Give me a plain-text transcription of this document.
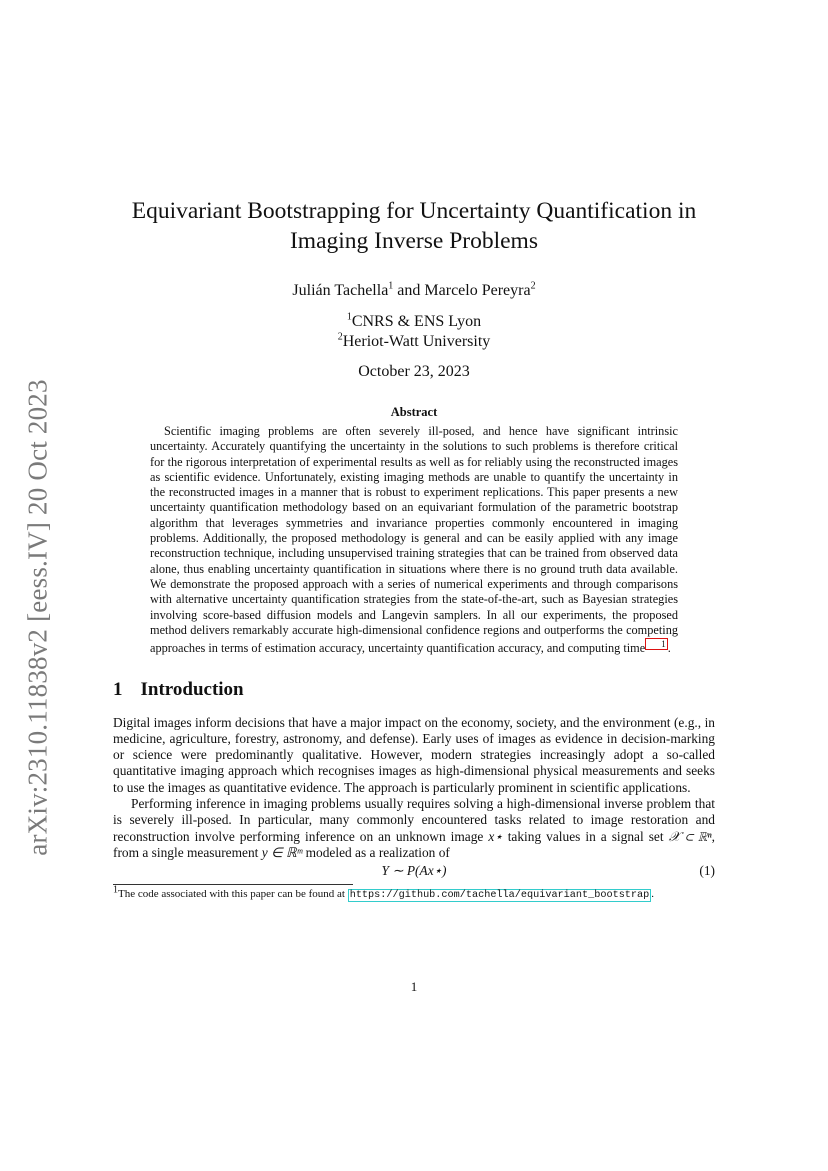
arXiv:2310.11838v2 [eess.IV] 20 Oct 2023
Equivariant Bootstrapping for Uncertainty Quantification in Imaging Inverse Problems
Julián Tachella$^1$ and Marcelo Pereyra$^2$
$^1$CNRS & ENS Lyon
$^2$Heriot-Watt University
October 23, 2023
Abstract
Scientific imaging problems are often severely ill-posed, and hence have significant intrinsic uncertainty. Accurately quantifying the uncertainty in the solutions to such problems is therefore critical for the rigorous interpretation of experimental results as well as for reliably using the reconstructed images as scientific evidence. Unfortunately, existing imaging methods are unable to quantify the uncertainty in the reconstructed images in a manner that is robust to experiment replications. This paper presents a new uncertainty quantification methodology based on an equivariant formulation of the parametric bootstrap algorithm that leverages symmetries and invariance properties commonly encountered in imaging problems. Additionally, the proposed methodology is general and can be easily applied with any image reconstruction technique, including unsupervised training strategies that can be trained from observed data alone, thus enabling uncertainty quantification in situations where there is no ground truth data available. We demonstrate the proposed approach with a series of numerical experiments and through comparisons with alternative uncertainty quantification strategies from the state-of-the-art, such as Bayesian strategies involving score-based diffusion models and Langevin samplers. In all our experiments, the proposed method delivers remarkably accurate high-dimensional confidence regions and outperforms the competing approaches in terms of estimation accuracy, uncertainty quantification accuracy, and computing time 1 .
1 Introduction

Digital images inform decisions that have a major impact on the economy, society, and the environment (e.g., in medicine, agriculture, forestry, astronomy, and defense). Early uses of images as evidence in decision-marking or science were predominantly qualitative. However, modern strategies increasingly adopt a so-called quantitative imaging approach which recognises images as high-dimensional physical measurements and seeks to use the images as quantitative evidence. The approach is particularly prominent in scientific applications.

Performing inference in imaging problems usually requires solving a high-dimensional inverse problem that is severely ill-posed. In particular, many commonly encountered tasks related to image restoration and reconstruction involve performing inference on an unknown image x⋆ taking values in a signal set 𝒳 ⊂ ℝⁿ, from a single measurement y ∈ ℝᵐ modeled as a realization of

Y ∼ P(Ax⋆)	(1)
$^1$The code associated with this paper can be found at https://github.com/tachella/equivariant_bootstrap .
1
